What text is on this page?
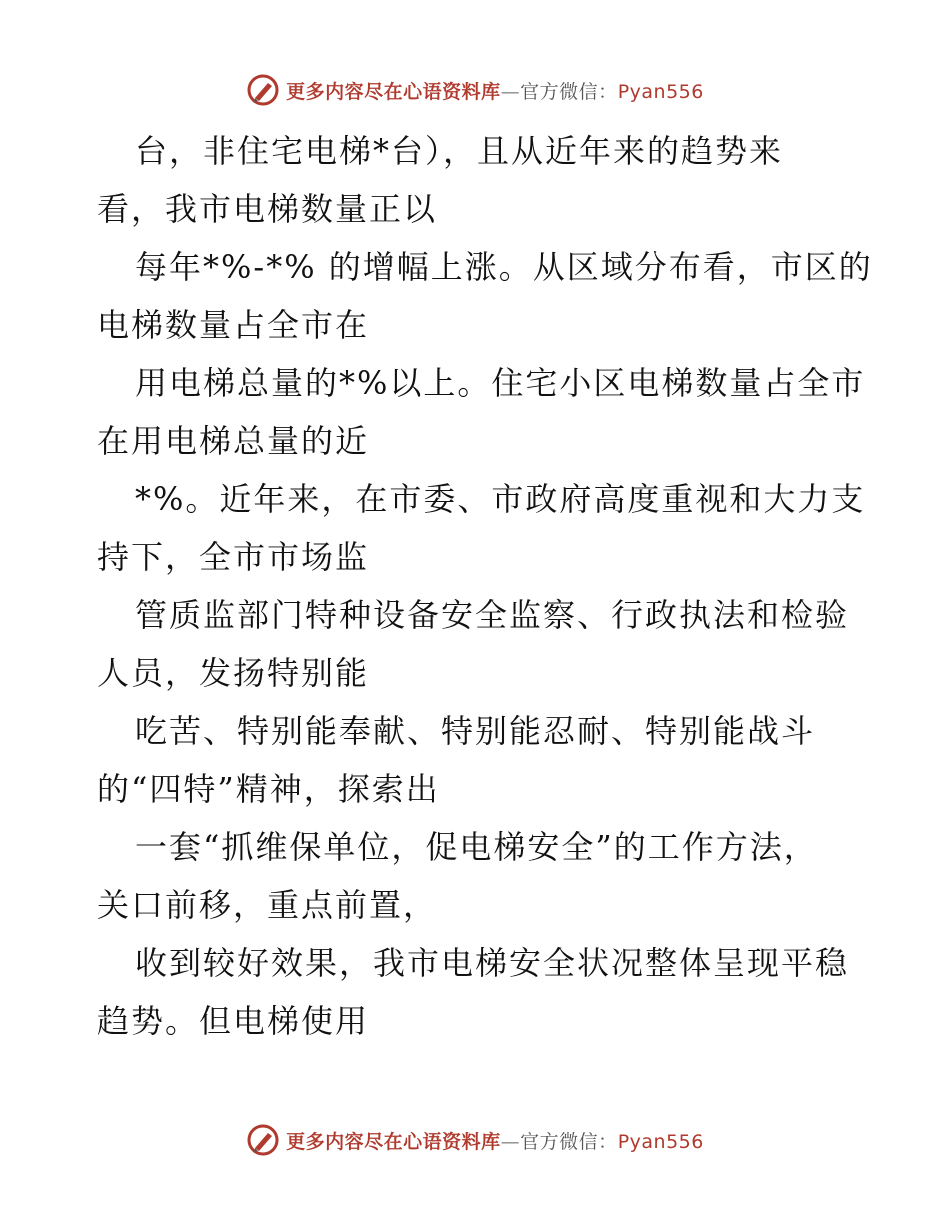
更多内容尽在心语资料库—官方微信：Pyan556
台，非住宅电梯*台），且从近年来的趋势来
看，我市电梯数量正以
每年*%-*% 的增幅上涨。从区域分布看，市区的
电梯数量占全市在
用电梯总量的*%以上。住宅小区电梯数量占全市
在用电梯总量的近
*%。近年来，在市委、市政府高度重视和大力支
持下，全市市场监
管质监部门特种设备安全监察、行政执法和检验
人员，发扬特别能
吃苦、特别能奉献、特别能忍耐、特别能战斗
的“四特”精神，探索出
一套“抓维保单位，促电梯安全”的工作方法，
关口前移，重点前置，
收到较好效果，我市电梯安全状况整体呈现平稳
趋势。但电梯使用
更多内容尽在心语资料库—官方微信：Pyan556
